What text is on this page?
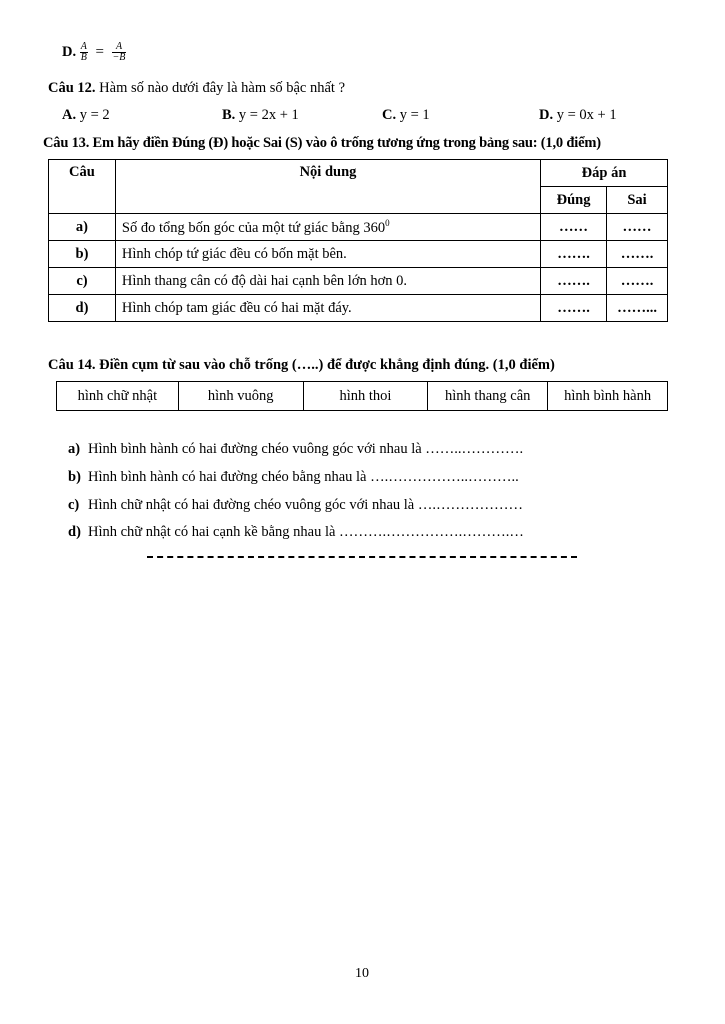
D. $\frac{A}{B} = \frac{A}{-B}$
Câu 12. Hàm số nào dưới đây là hàm số bậc nhất ?
A. y = 2	B. y = 2x + 1	C. y = 1	D. y = 0x + 1
Câu 13. Em hãy điền Đúng (Đ) hoặc Sai (S) vào ô trống tương ứng trong bảng sau: (1,0 điểm)
Câu	Nội dung	Đáp án	
		Đúng	Sai
a)	Số đo tổng bốn góc của một tứ giác bằng $360^0$	……	……
b)	Hình chóp tứ giác đều có bốn mặt bên.	…….	…….
c)	Hình thang cân có độ dài hai cạnh bên lớn hơn 0.	…….	…….
d)	Hình chóp tam giác đều có hai mặt đáy.	…….	……...
Câu 14. Điền cụm từ sau vào chỗ trống (…..) để được khẳng định đúng. (1,0 điểm)
hình chữ nhật	hình vuông	hình thoi	hình thang cân	hình bình hành
a) Hình bình hành có hai đường chéo vuông góc với nhau là ……..………….
b) Hình bình hành có hai đường chéo bằng nhau là ….……………..………..
c) Hình chữ nhật có hai đường chéo vuông góc với nhau là ….………………
d) Hình chữ nhật có hai cạnh kề bằng nhau là ……….…………….……….…
10
